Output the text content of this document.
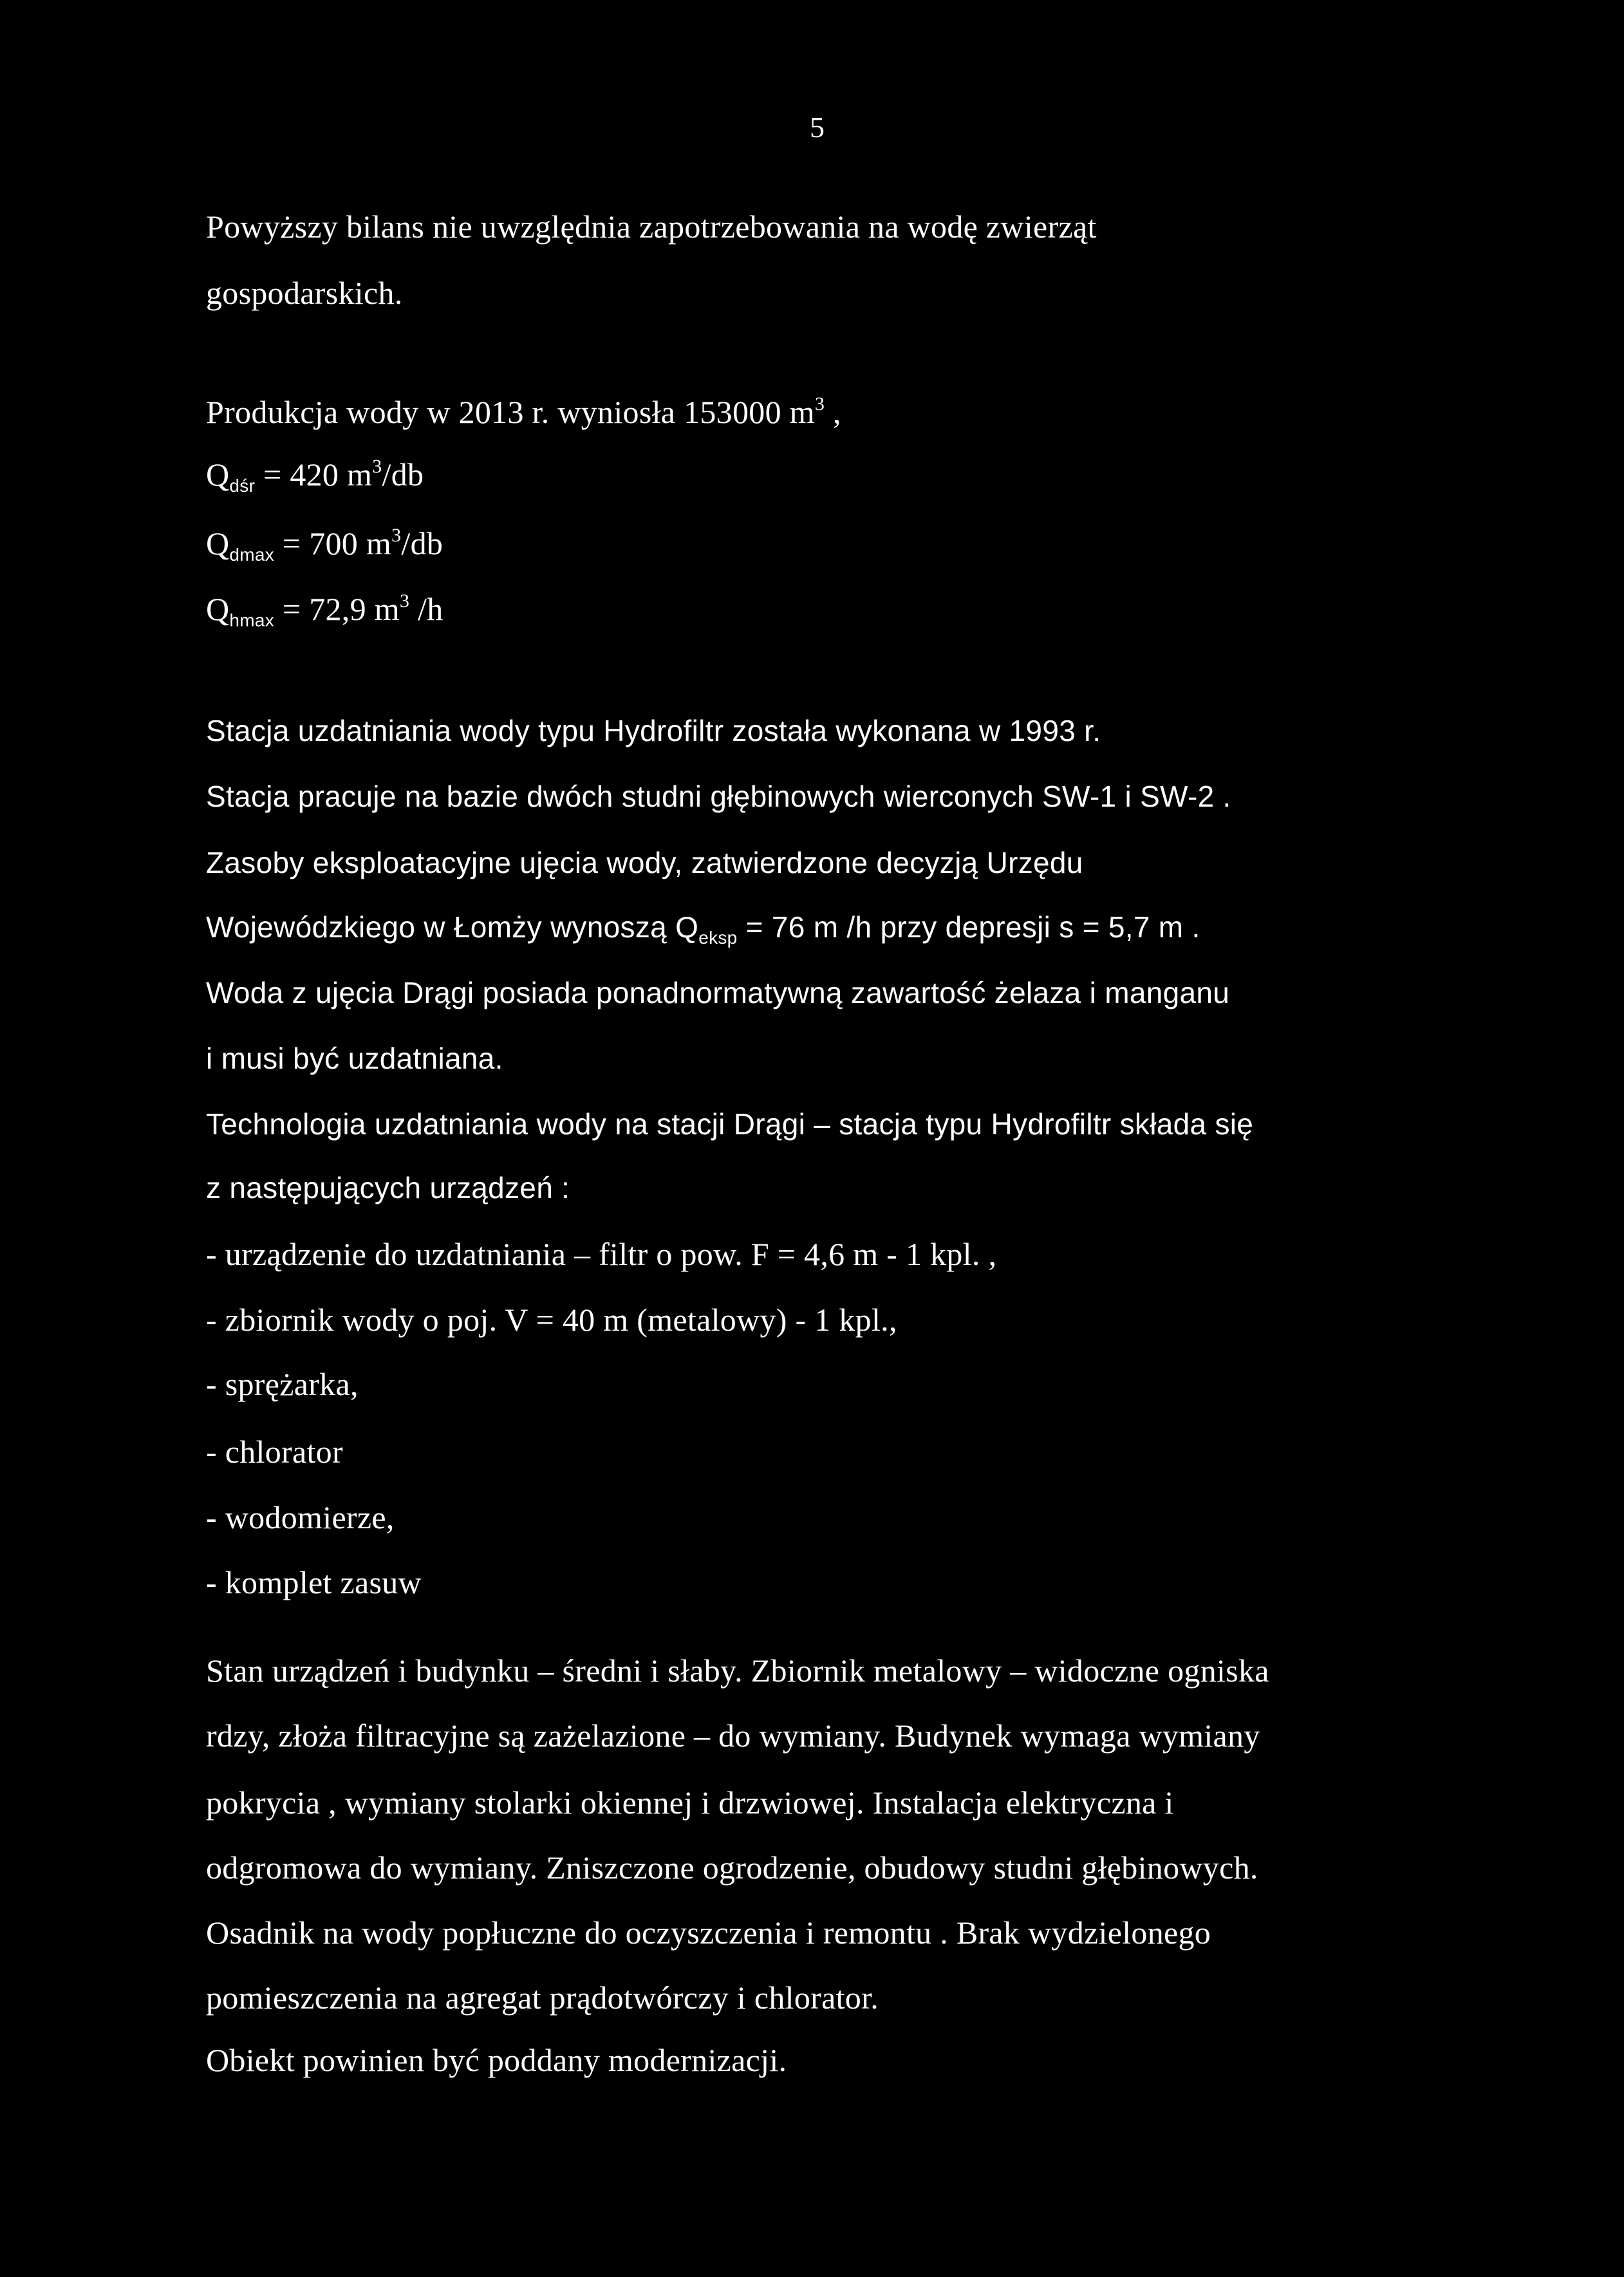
5
Powyższy bilans nie uwzględnia zapotrzebowania na wodę zwierząt
gospodarskich.
Produkcja wody w 2013 r. wyniosła 153000 $m^3$ ,
$Q_{dśr} = 420$ $m^3/db$
$Q_{dmax} = 700$ $m^3/db$
$Q_{hmax} = 72,9$ $m^3$ /h
Stacja uzdatniania wody typu Hydrofiltr została wykonana w 1993 r.
Stacja pracuje na bazie dwóch studni głębinowych wierconych SW-1 i SW-2 .
Zasoby eksploatacyjne ujęcia wody, zatwierdzone decyzją Urzędu
Wojewódzkiego w Łomży wynoszą $Q_{eksp} = 76$ m /h przy depresji s = 5,7 m .
Woda z ujęcia Drągi posiada ponadnormatywną zawartość żelaza i manganu
i musi być uzdatniana.
Technologia uzdatniania wody na stacji Drągi – stacja typu Hydrofiltr składa się
z następujących urządzeń :
- urządzenie do uzdatniania – filtr o pow. F = 4,6 m - 1 kpl. ,
- zbiornik wody o poj. V = 40 m (metalowy) - 1 kpl.,
- sprężarka,
- chlorator
- wodomierze,
- komplet zasuw
Stan urządzeń i budynku – średni i słaby. Zbiornik metalowy – widoczne ogniska
rdzy, złoża filtracyjne są zażelazione – do wymiany. Budynek wymaga wymiany
pokrycia , wymiany stolarki okiennej i drzwiowej. Instalacja elektryczna i
odgromowa do wymiany. Zniszczone ogrodzenie, obudowy studni głębinowych.
Osadnik na wody popłuczne do oczyszczenia i remontu . Brak wydzielonego
pomieszczenia na agregat prądotwórczy i chlorator.
Obiekt powinien być poddany modernizacji.
